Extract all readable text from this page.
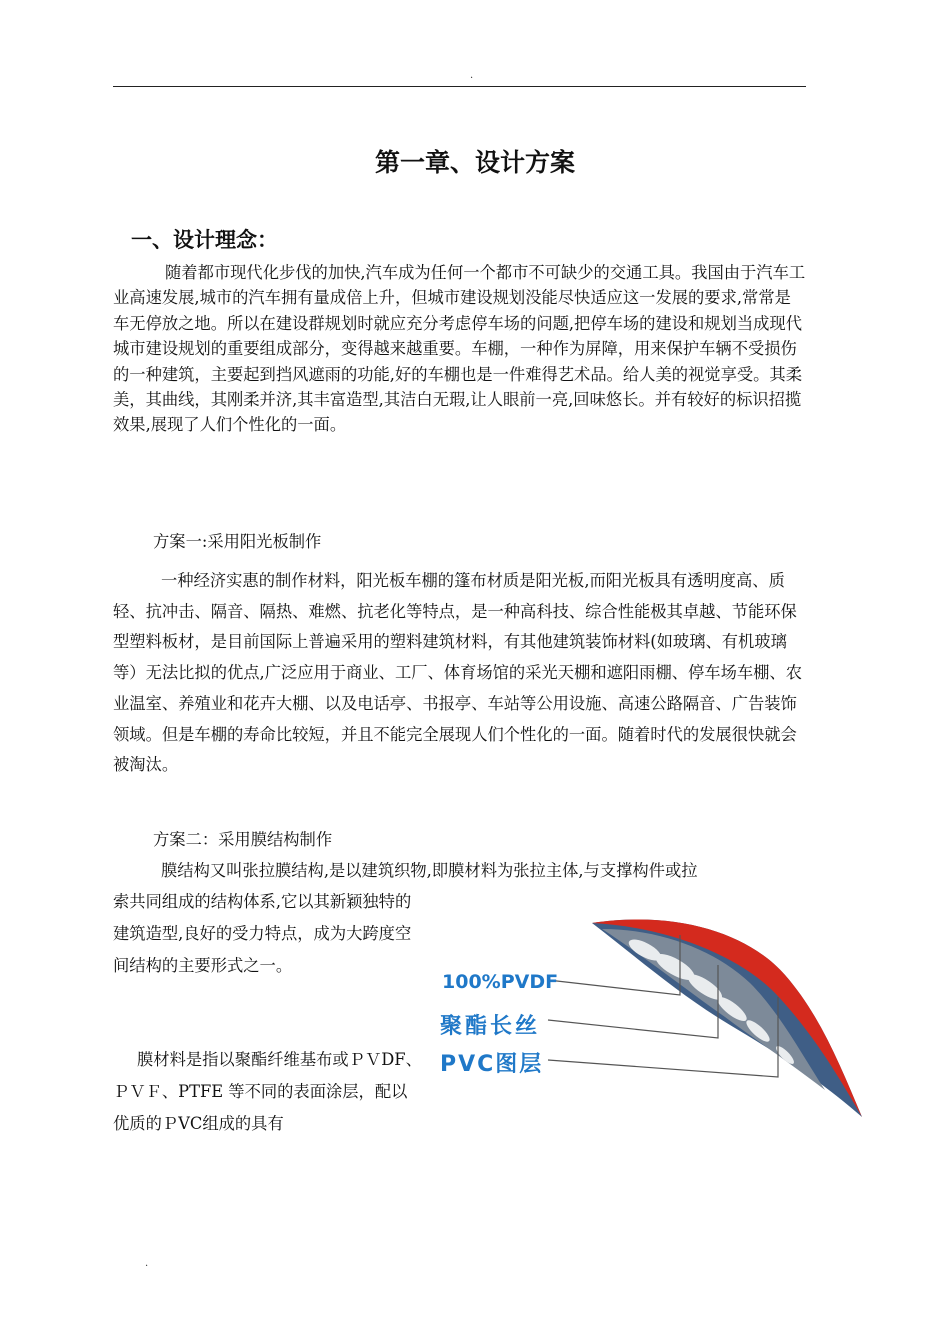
.
第一章、设计方案
一、设计理念：

随着都市现代化步伐的加快,汽车成为任何一个都市不可缺少的交通工具。我国由于汽车工业高速发展,城市的汽车拥有量成倍上升，但城市建设规划没能尽快适应这一发展的要求,常常是车无停放之地。所以在建设群规划时就应充分考虑停车场的问题,把停车场的建设和规划当成现代城市建设规划的重要组成部分，变得越来越重要。车棚，一种作为屏障，用来保护车辆不受损伤的一种建筑，主要起到挡风遮雨的功能,好的车棚也是一件难得艺术品。给人美的视觉享受。其柔美，其曲线，其刚柔并济,其丰富造型,其洁白无瑕,让人眼前一亮,回味悠长。并有较好的标识招揽效果,展现了人们个性化的一面。

方案一:采用阳光板制作

一种经济实惠的制作材料，阳光板车棚的篷布材质是阳光板,而阳光板具有透明度高、质轻、抗冲击、隔音、隔热、难燃、抗老化等特点，是一种高科技、综合性能极其卓越、节能环保型塑料板材，是目前国际上普遍采用的塑料建筑材料，有其他建筑装饰材料(如玻璃、有机玻璃等）无法比拟的优点,广泛应用于商业、工厂、体育场馆的采光天棚和遮阳雨棚、停车场车棚、农业温室、养殖业和花卉大棚、以及电话亭、书报亭、车站等公用设施、高速公路隔音、广告装饰领域。但是车棚的寿命比较短，并且不能完全展现人们个性化的一面。随着时代的发展很快就会被淘汰。

方案二：采用膜结构制作

膜结构又叫张拉膜结构,是以建筑织物,即膜材料为张拉主体,与支撑构件或拉

索共同组成的结构体系,它以其新颖独特的建筑造型,良好的受力特点，成为大跨度空间结构的主要形式之一。

膜材料是指以聚酯纤维基布或ＰＶDF、ＰＶＦ、PTFE 等不同的表面涂层，配以优质的ＰVC组成的具有

100%PVDF
聚酯长丝
PVC图层
.
